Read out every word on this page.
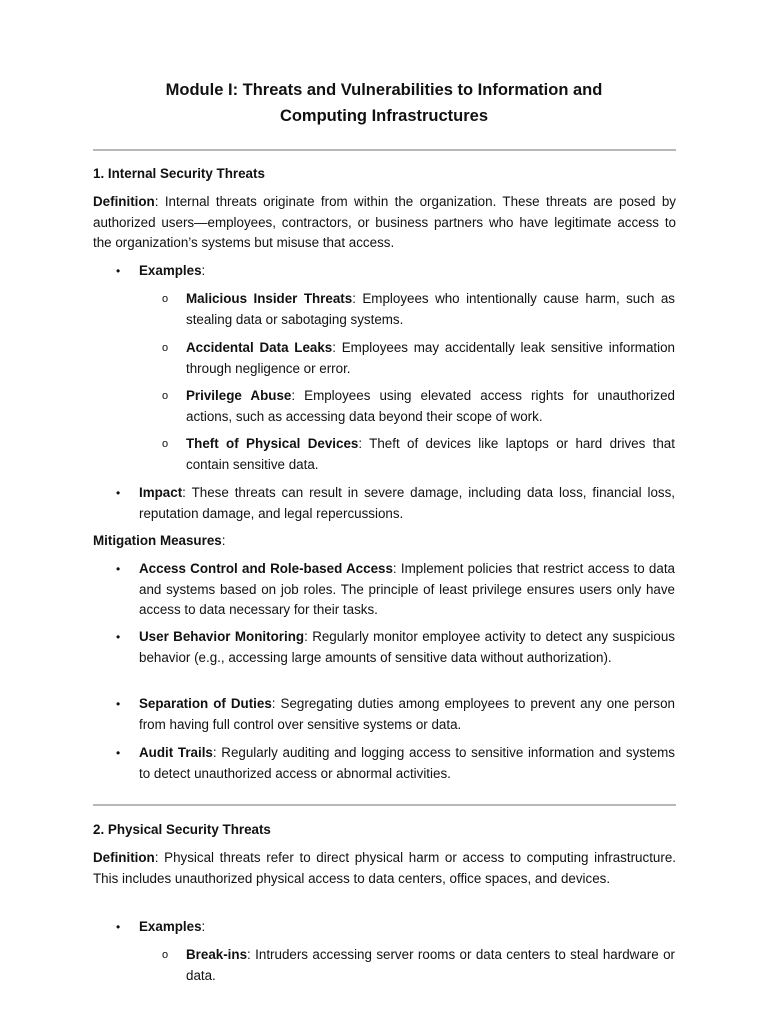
Module I: Threats and Vulnerabilities to Information and
Computing Infrastructures

1. Internal Security Threats

Definition: Internal threats originate from within the organization. These threats are posed by authorized users—employees, contractors, or business partners who have legitimate access to the organization’s systems but misuse that access.

• Examples:

o Malicious Insider Threats: Employees who intentionally cause harm, such as stealing data or sabotaging systems.

o Accidental Data Leaks: Employees may accidentally leak sensitive information through negligence or error.

o Privilege Abuse: Employees using elevated access rights for unauthorized actions, such as accessing data beyond their scope of work.

o Theft of Physical Devices: Theft of devices like laptops or hard drives that contain sensitive data.

• Impact: These threats can result in severe damage, including data loss, financial loss, reputation damage, and legal repercussions.

Mitigation Measures:

• Access Control and Role-based Access: Implement policies that restrict access to data and systems based on job roles. The principle of least privilege ensures users only have access to data necessary for their tasks.

• User Behavior Monitoring: Regularly monitor employee activity to detect any suspicious behavior (e.g., accessing large amounts of sensitive data without authorization).

• Separation of Duties: Segregating duties among employees to prevent any one person from having full control over sensitive systems or data.

• Audit Trails: Regularly auditing and logging access to sensitive information and systems to detect unauthorized access or abnormal activities.

2. Physical Security Threats

Definition: Physical threats refer to direct physical harm or access to computing infrastructure. This includes unauthorized physical access to data centers, office spaces, and devices.

• Examples:

o Break-ins: Intruders accessing server rooms or data centers to steal hardware or data.
